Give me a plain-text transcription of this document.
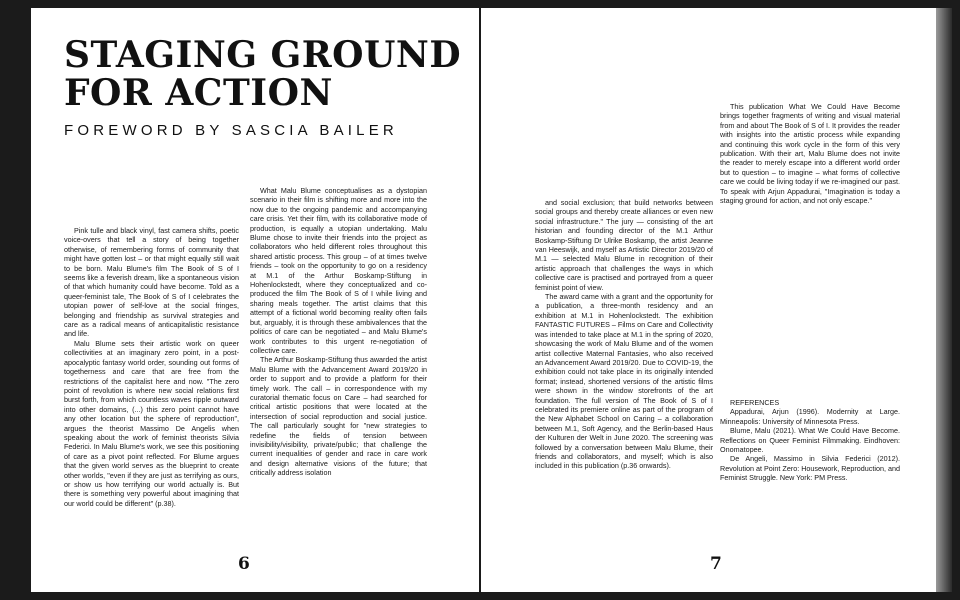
STAGING GROUND
FOR ACTION
FOREWORD BY SASCIA BAILER

Pink tulle and black vinyl, fast camera shifts, poetic voice-overs that tell a story of being together otherwise, of remembering forms of community that might have gotten lost – or that might equally still wait to be born. Malu Blume's film The Book of S of I seems like a feverish dream, like a spontaneous vision of that which humanity could have become. Told as a queer-feminist tale, The Book of S of I celebrates the utopian power of self-love at the social fringes, belonging and friendship as survival strategies and care as a radical means of anticapitalistic resistance and life.

Malu Blume sets their artistic work on queer collectivities at an imaginary zero point, in a post-apocalyptic fantasy world order, sounding out forms of togetherness and care that are free from the restrictions of the capitalist here and now. "The zero point of revolution is where new social relations first burst forth, from which countless waves ripple outward into other domains, (...) this zero point cannot have any other location but the sphere of reproduction", argues the theorist Massimo De Angelis when speaking about the work of feminist theorists Silvia Federici. In Malu Blume's work, we see this positioning of care as a pivot point reflected. For Blume argues that the given world serves as the blueprint to create other worlds, "even if they are just as terrifying as ours, or show us how terrifying our world actually is. But there is something very powerful about imagining that our world could be different" (p.38).

What Malu Blume conceptualises as a dystopian scenario in their film is shifting more and more into the now due to the ongoing pandemic and accompanying care crisis. Yet their film, with its collaborative mode of production, is equally a utopian undertaking. Malu Blume chose to invite their friends into the project as collaborators who held different roles throughout this shared artistic process. This group – of at times twelve friends – took on the opportunity to go on a residency at M.1 of the Arthur Boskamp-Stiftung in Hohenlockstedt, where they conceptualized and co-produced the film The Book of S of I while living and sharing meals together. The artist claims that this attempt of a fictional world becoming reality often fails but, arguably, it is through these ambivalences that the politics of care can be negotiated – and Malu Blume's work contributes to this urgent re-negotiation of collective care.

The Arthur Boskamp-Stiftung thus awarded the artist Malu Blume with the Advancement Award 2019/20 in order to support and to provide a platform for their timely work. The call – in correspondence with my curatorial thematic focus on Care – had searched for critical artistic positions that were located at the intersection of social reproduction and social justice. The call particularly sought for "new strategies to redefine the fields of tension between invisibility/visibility, private/public; that challenge the current inequalities of gender and race in care work and design alternative visions of the future; that critically address isolation

and social exclusion; that build networks between social groups and thereby create alliances or even new social infrastructure." The jury — consisting of the art historian and founding director of the M.1 Arthur Boskamp-Stiftung Dr Ulrike Boskamp, the artist Jeanne van Heeswijk, and myself as Artistic Director 2019/20 of M.1 — selected Malu Blume in recognition of their artistic approach that challenges the ways in which collective care is practised and portrayed from a queer feminist point of view.

The award came with a grant and the opportunity for a publication, a three-month residency and an exhibition at M.1 in Hohenlockstedt. The exhibition FANTASTIC FUTURES – Films on Care and Collectivity was intended to take place at M.1 in the spring of 2020, showcasing the work of Malu Blume and of the women artist collective Maternal Fantasies, who also received an Advancement Award 2019/20. Due to COVID-19, the exhibition could not take place in its originally intended format; instead, shortened versions of the artistic films were shown in the window storefronts of the art foundation. The full version of The Book of S of I celebrated its premiere online as part of the program of the New Alphabet School on Caring – a collaboration between M.1, Soft Agency, and the Berlin-based Haus der Kulturen der Welt in June 2020. The screening was followed by a conversation between Malu Blume, their friends and collaborators, and myself; which is also included in this publication (p.36 onwards).

This publication What We Could Have Become brings together fragments of writing and visual material from and about The Book of S of I. It provides the reader with insights into the artistic process while expanding and continuing this work cycle in the form of this very publication. With their art, Malu Blume does not invite the reader to merely escape into a different world order but to question – to imagine – what forms of collective care we could be living today if we re-imagined our past. To speak with Arjun Appadurai, "Imagination is today a staging ground for action, and not only escape."

REFERENCES

Appadurai, Arjun (1996). Modernity at Large. Minneapolis: University of Minnesota Press.

Blume, Malu (2021). What We Could Have Become. Reflections on Queer Feminist Filmmaking. Eindhoven: Onomatopee.

De Angeli, Massimo in Silvia Federici (2012). Revolution at Point Zero: Housework, Reproduction, and Feminist Struggle. New York: PM Press.

6	7
